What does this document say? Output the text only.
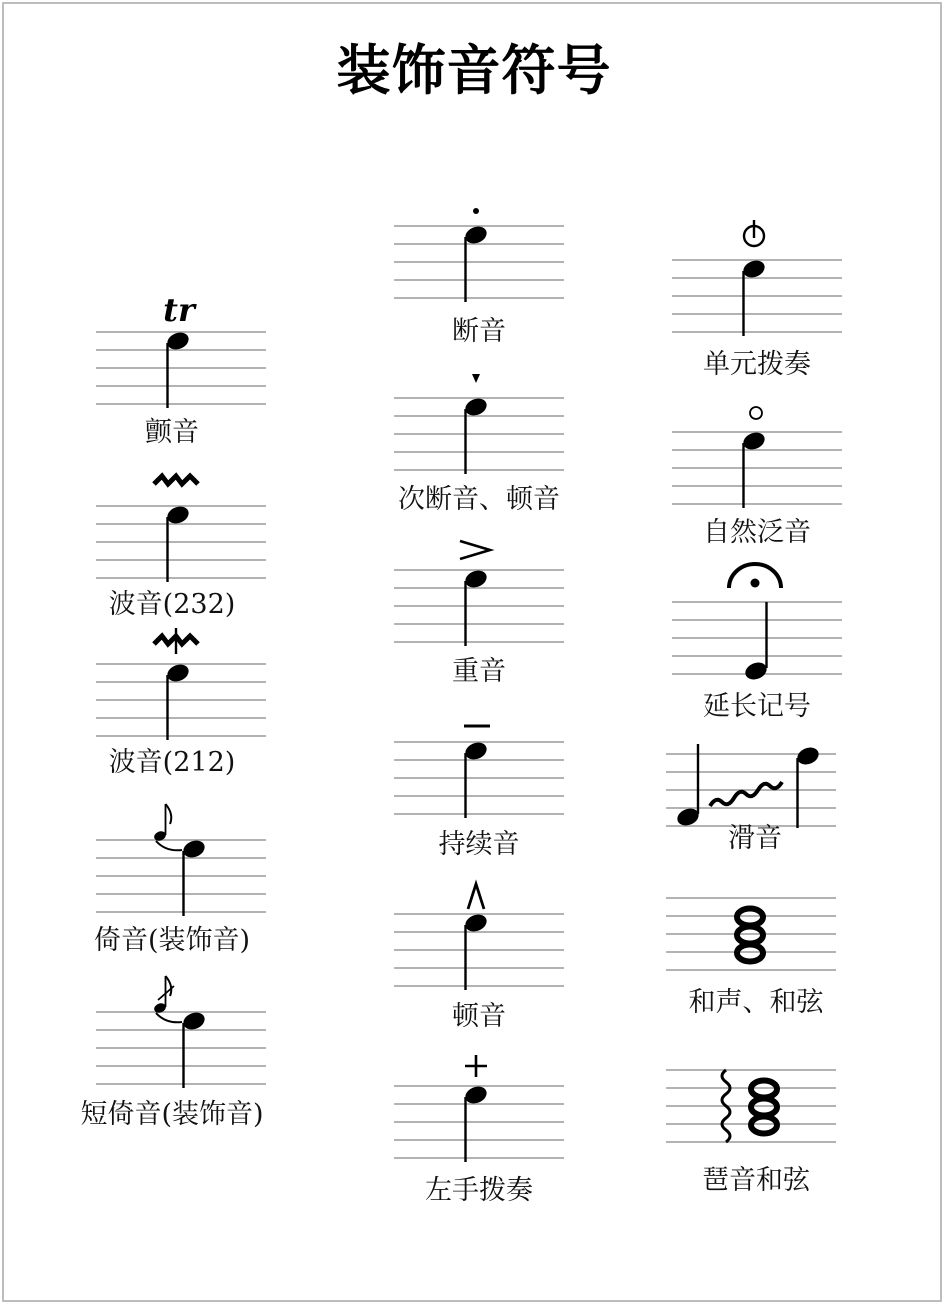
装饰音符号
tr
颤音
波音(232)
波音(212)
倚音(装饰音)
短倚音(装饰音)
断音
次断音、顿音
重音
持续音
顿音
左手拨奏
单元拨奏
自然泛音
延长记号
滑音
和声、和弦
琶音和弦
